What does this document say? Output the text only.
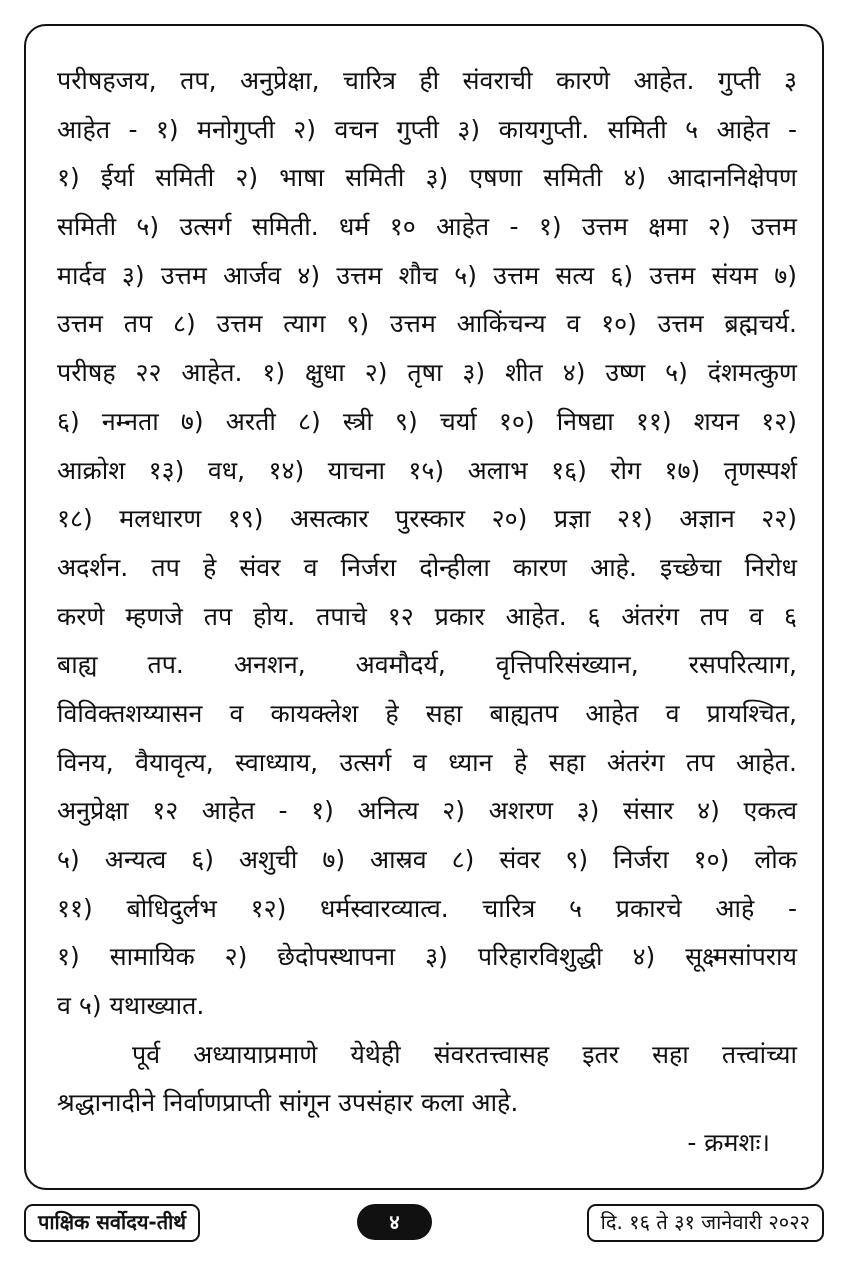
परीषहजय, तप, अनुप्रेक्षा, चारित्र ही संवराची कारणे आहेत. गुप्ती ३
आहेत - १) मनोगुप्ती २) वचन गुप्ती ३) कायगुप्ती. समिती ५ आहेत -
१) ईर्या समिती २) भाषा समिती ३) एषणा समिती ४) आदाननिक्षेपण
समिती ५) उत्सर्ग समिती. धर्म १० आहेत - १) उत्तम क्षमा २) उत्तम
मार्दव ३) उत्तम आर्जव ४) उत्तम शौच ५) उत्तम सत्य ६) उत्तम संयम ७)
उत्तम तप ८) उत्तम त्याग ९) उत्तम आकिंचन्य व १०) उत्तम ब्रह्मचर्य.
परीषह २२ आहेत. १) क्षुधा २) तृषा ३) शीत ४) उष्ण ५) दंशमत्कुण
६) नम्नता ७) अरती ८) स्त्री ९) चर्या १०) निषद्या ११) शयन १२)
आक्रोश १३) वध, १४) याचना १५) अलाभ १६) रोग १७) तृणस्पर्श
१८) मलधारण १९) असत्कार पुरस्कार २०) प्रज्ञा २१) अज्ञान २२)
अदर्शन. तप हे संवर व निर्जरा दोन्हीला कारण आहे. इच्छेचा निरोध
करणे म्हणजे तप होय. तपाचे १२ प्रकार आहेत. ६ अंतरंग तप व ६
बाह्य तप. अनशन, अवमौदर्य, वृत्तिपरिसंख्यान, रसपरित्याग,
विविक्तशय्यासन व कायक्लेश हे सहा बाह्यतप आहेत व प्रायश्चित,
विनय, वैयावृत्य, स्वाध्याय, उत्सर्ग व ध्यान हे सहा अंतरंग तप आहेत.
अनुप्रेक्षा १२ आहेत - १) अनित्य २) अशरण ३) संसार ४) एकत्व
५) अन्यत्व ६) अशुची ७) आस्रव ८) संवर ९) निर्जरा १०) लोक
११) बोधिदुर्लभ १२) धर्मस्वारव्यात्व. चारित्र ५ प्रकारचे आहे -
१) सामायिक २) छेदोपस्थापना ३) परिहारविशुद्धी ४) सूक्ष्मसांपराय
व ५) यथाख्यात.
पूर्व अध्यायाप्रमाणे येथेही संवरतत्त्वासह इतर सहा तत्त्वांच्या
श्रद्धानादीने निर्वाणप्राप्ती सांगून उपसंहार कला आहे.
- क्रमशः।
पाक्षिक सर्वोदय-तीर्थ	४	दि. १६ ते ३१ जानेवारी २०२२
